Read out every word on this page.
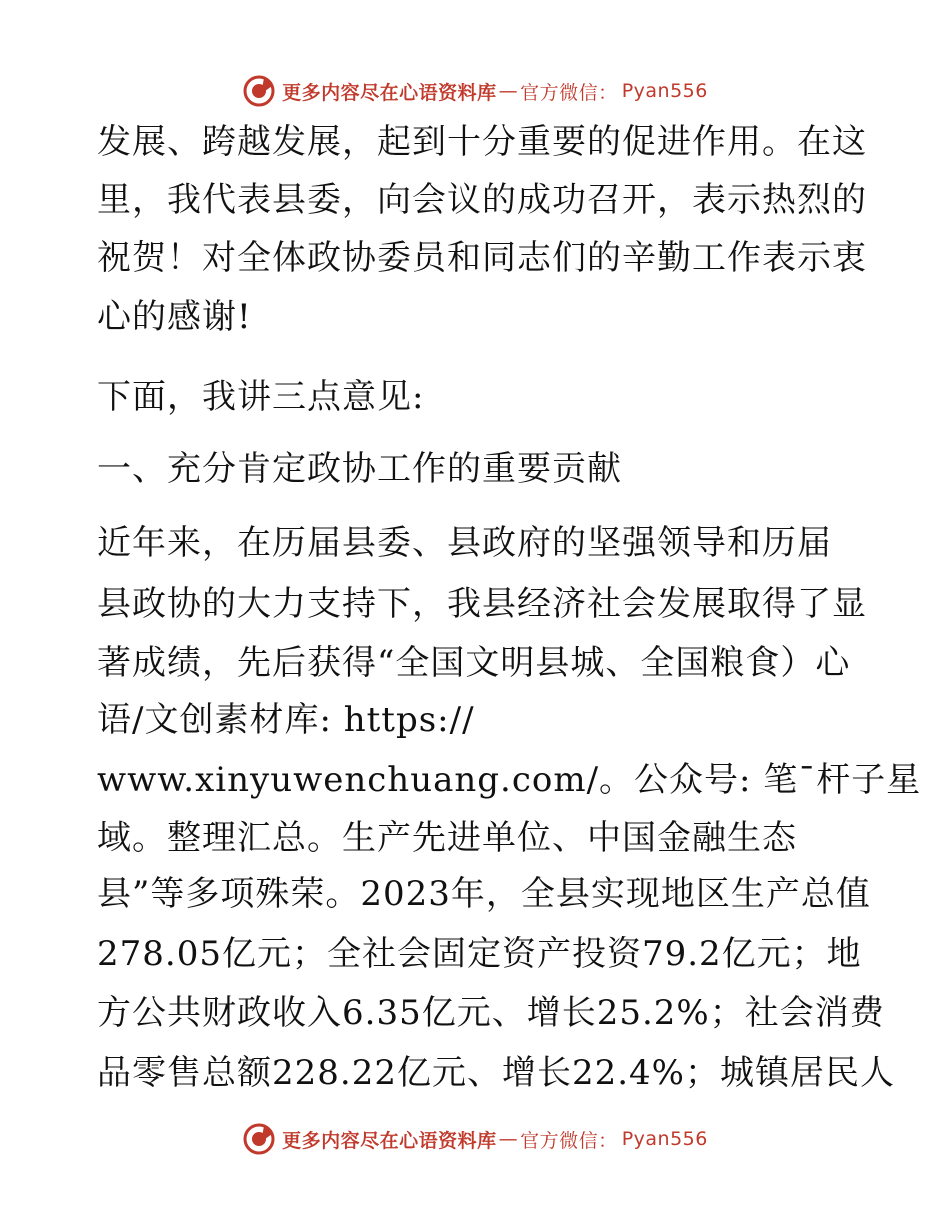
更多内容尽在心语资料库 — 官方微信： Pyan556
发展、跨越发展，起到十分重要的促进作用。在这
里，我代表县委，向会议的成功召开，表示热烈的
祝贺！对全体政协委员和同志们的辛勤工作表示衷
心的感谢!
下面，我讲三点意见:
一、充分肯定政协工作的重要贡献
近年来，在历届县委、县政府的坚强领导和历届
县政协的大力支持下，我县经济社会发展取得了显
著成绩，先后获得“全国文明县城、全国粮食）心
语/文创素材库: https://
www.xinyuwenchuang.com/。公众号: 笔¯杆子星
域。整理汇总。生产先进单位、中国金融生态
县”等多项殊荣。2023年，全县实现地区生产总值
278.05亿元；全社会固定资产投资79.2亿元；地
方公共财政收入6.35亿元、增长25.2%；社会消费
品零售总额228.22亿元、增长22.4%；城镇居民人
更多内容尽在心语资料库 — 官方微信： Pyan556
